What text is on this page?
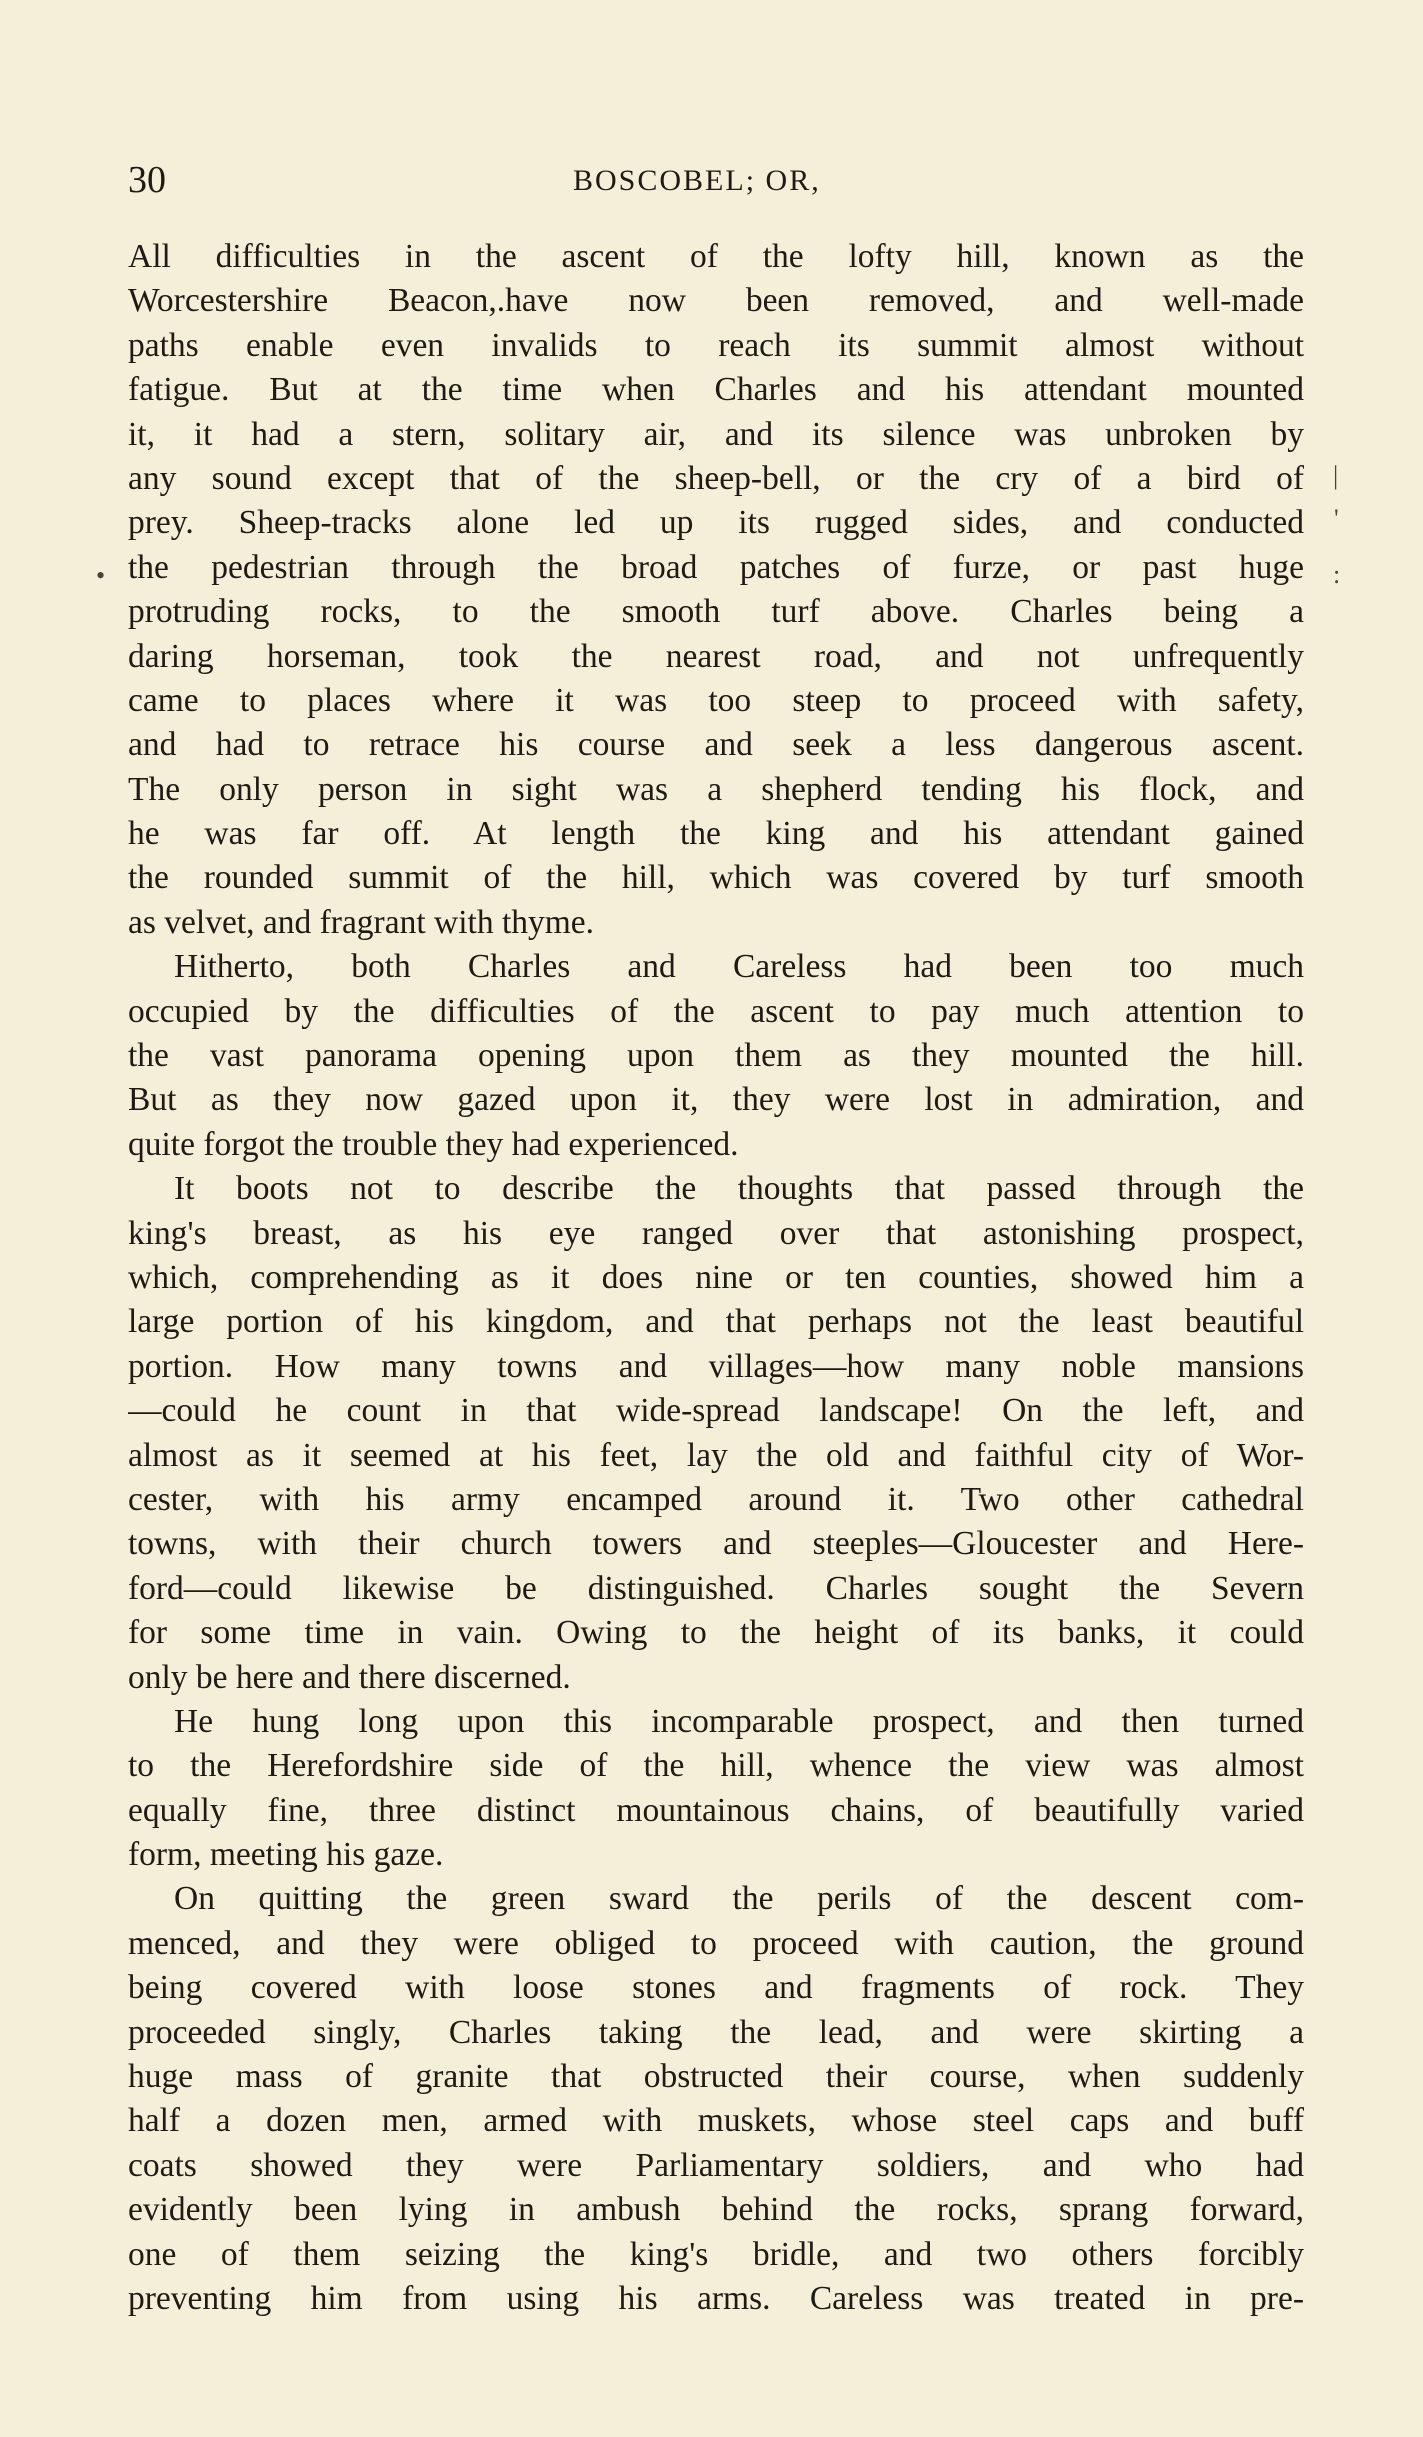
30	BOSCOBEL; OR,
All difficulties in the ascent of the lofty hill, known as the
Worcestershire Beacon,.have now been removed, and well-made
paths enable even invalids to reach its summit almost without
fatigue. But at the time when Charles and his attendant mounted
it, it had a stern, solitary air, and its silence was unbroken by
any sound except that of the sheep-bell, or the cry of a bird of
prey. Sheep-tracks alone led up its rugged sides, and conducted
the pedestrian through the broad patches of furze, or past huge
protruding rocks, to the smooth turf above. Charles being a
daring horseman, took the nearest road, and not unfrequently
came to places where it was too steep to proceed with safety,
and had to retrace his course and seek a less dangerous ascent.
The only person in sight was a shepherd tending his flock, and
he was far off. At length the king and his attendant gained
the rounded summit of the hill, which was covered by turf smooth
as velvet, and fragrant with thyme.
Hitherto, both Charles and Careless had been too much
occupied by the difficulties of the ascent to pay much attention to
the vast panorama opening upon them as they mounted the hill.
But as they now gazed upon it, they were lost in admiration, and
quite forgot the trouble they had experienced.
It boots not to describe the thoughts that passed through the
king's breast, as his eye ranged over that astonishing prospect,
which, comprehending as it does nine or ten counties, showed him a
large portion of his kingdom, and that perhaps not the least beautiful
portion. How many towns and villages—how many noble mansions
—could he count in that wide-spread landscape! On the left, and
almost as it seemed at his feet, lay the old and faithful city of Wor-
cester, with his army encamped around it. Two other cathedral
towns, with their church towers and steeples—Gloucester and Here-
ford—could likewise be distinguished. Charles sought the Severn
for some time in vain. Owing to the height of its banks, it could
only be here and there discerned.
He hung long upon this incomparable prospect, and then turned
to the Herefordshire side of the hill, whence the view was almost
equally fine, three distinct mountainous chains, of beautifully varied
form, meeting his gaze.
On quitting the green sward the perils of the descent com-
menced, and they were obliged to proceed with caution, the ground
being covered with loose stones and fragments of rock. They
proceeded singly, Charles taking the lead, and were skirting a
huge mass of granite that obstructed their course, when suddenly
half a dozen men, armed with muskets, whose steel caps and buff
coats showed they were Parliamentary soldiers, and who had
evidently been lying in ambush behind the rocks, sprang forward,
one of them seizing the king's bridle, and two others forcibly
preventing him from using his arms. Careless was treated in pre-
•
|
'
:
